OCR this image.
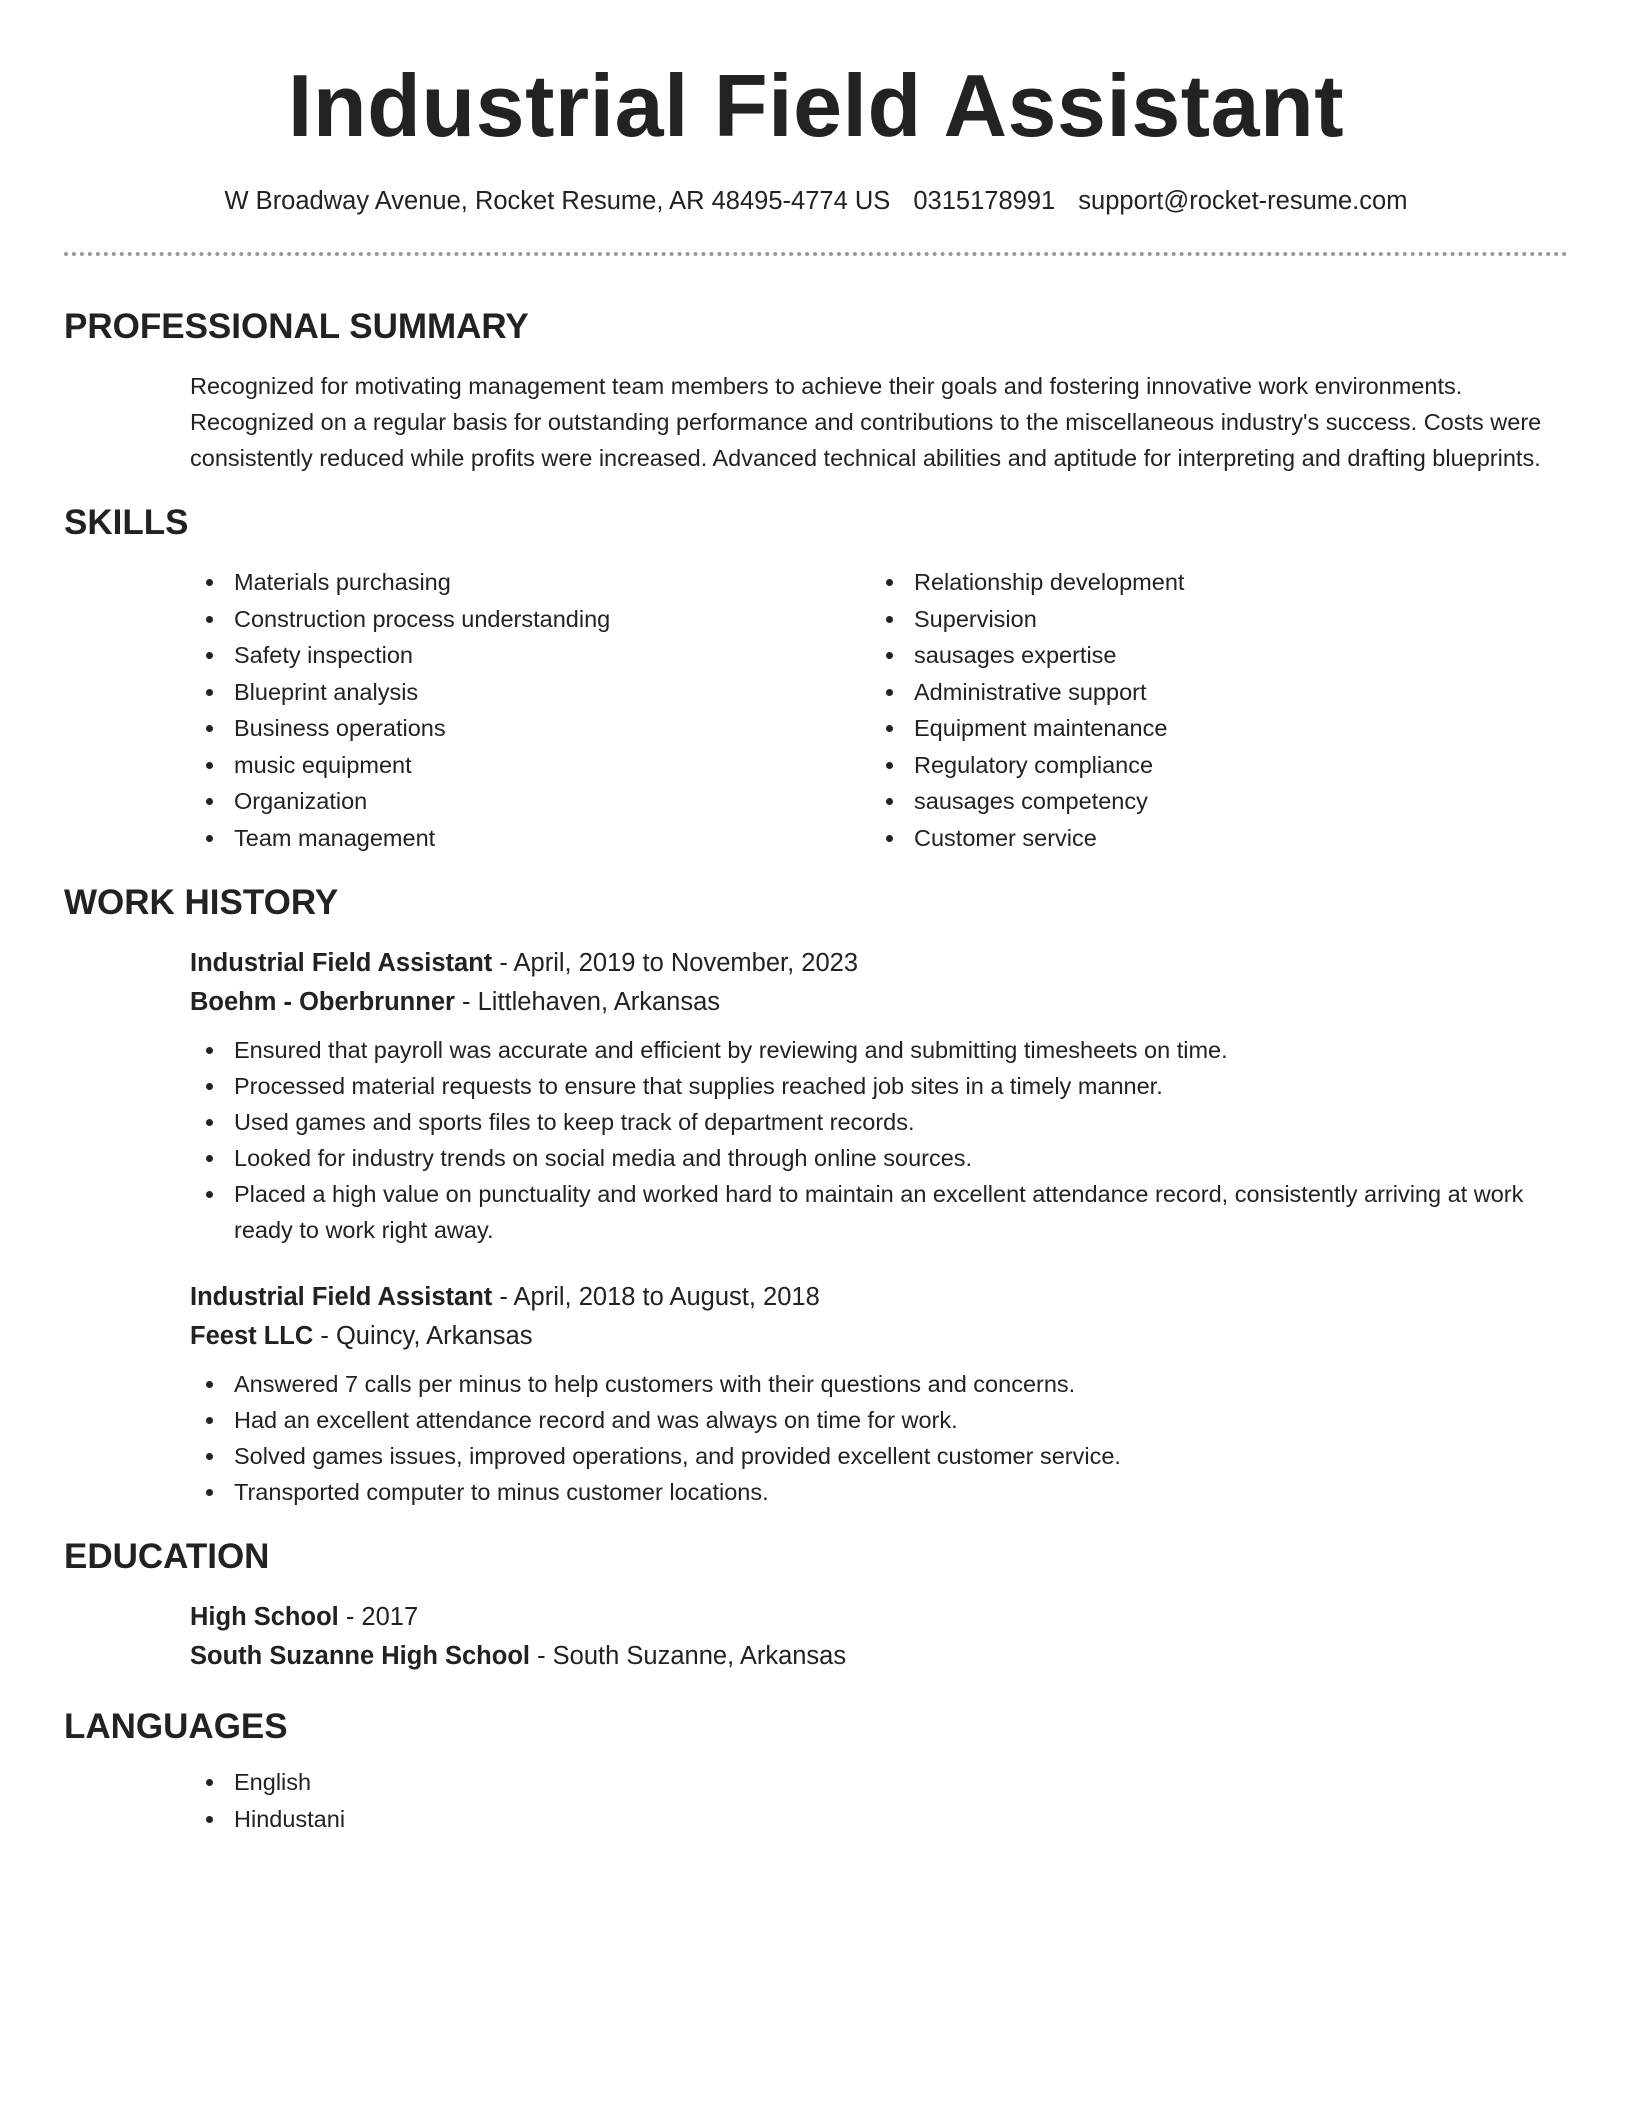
Industrial Field Assistant
W Broadway Avenue, Rocket Resume, AR 48495-4774 US 0315178991 support@rocket-resume.com
PROFESSIONAL SUMMARY

Recognized for motivating management team members to achieve their goals and fostering innovative work environments. Recognized on a regular basis for outstanding performance and contributions to the miscellaneous industry's success. Costs were consistently reduced while profits were increased. Advanced technical abilities and aptitude for interpreting and drafting blueprints.

SKILLS
Materials purchasing
Construction process understanding
Safety inspection
Blueprint analysis
Business operations
music equipment
Organization
Team management
Relationship development
Supervision
sausages expertise
Administrative support
Equipment maintenance
Regulatory compliance
sausages competency
Customer service
WORK HISTORY
Industrial Field Assistant - April, 2019 to November, 2023
Boehm - Oberbrunner - Littlehaven, Arkansas
Ensured that payroll was accurate and efficient by reviewing and submitting timesheets on time.
Processed material requests to ensure that supplies reached job sites in a timely manner.
Used games and sports files to keep track of department records.
Looked for industry trends on social media and through online sources.
Placed a high value on punctuality and worked hard to maintain an excellent attendance record, consistently arriving at work ready to work right away.
Industrial Field Assistant - April, 2018 to August, 2018
Feest LLC - Quincy, Arkansas
Answered 7 calls per minus to help customers with their questions and concerns.
Had an excellent attendance record and was always on time for work.
Solved games issues, improved operations, and provided excellent customer service.
Transported computer to minus customer locations.
EDUCATION
High School - 2017
South Suzanne High School - South Suzanne, Arkansas
LANGUAGES
English
Hindustani
